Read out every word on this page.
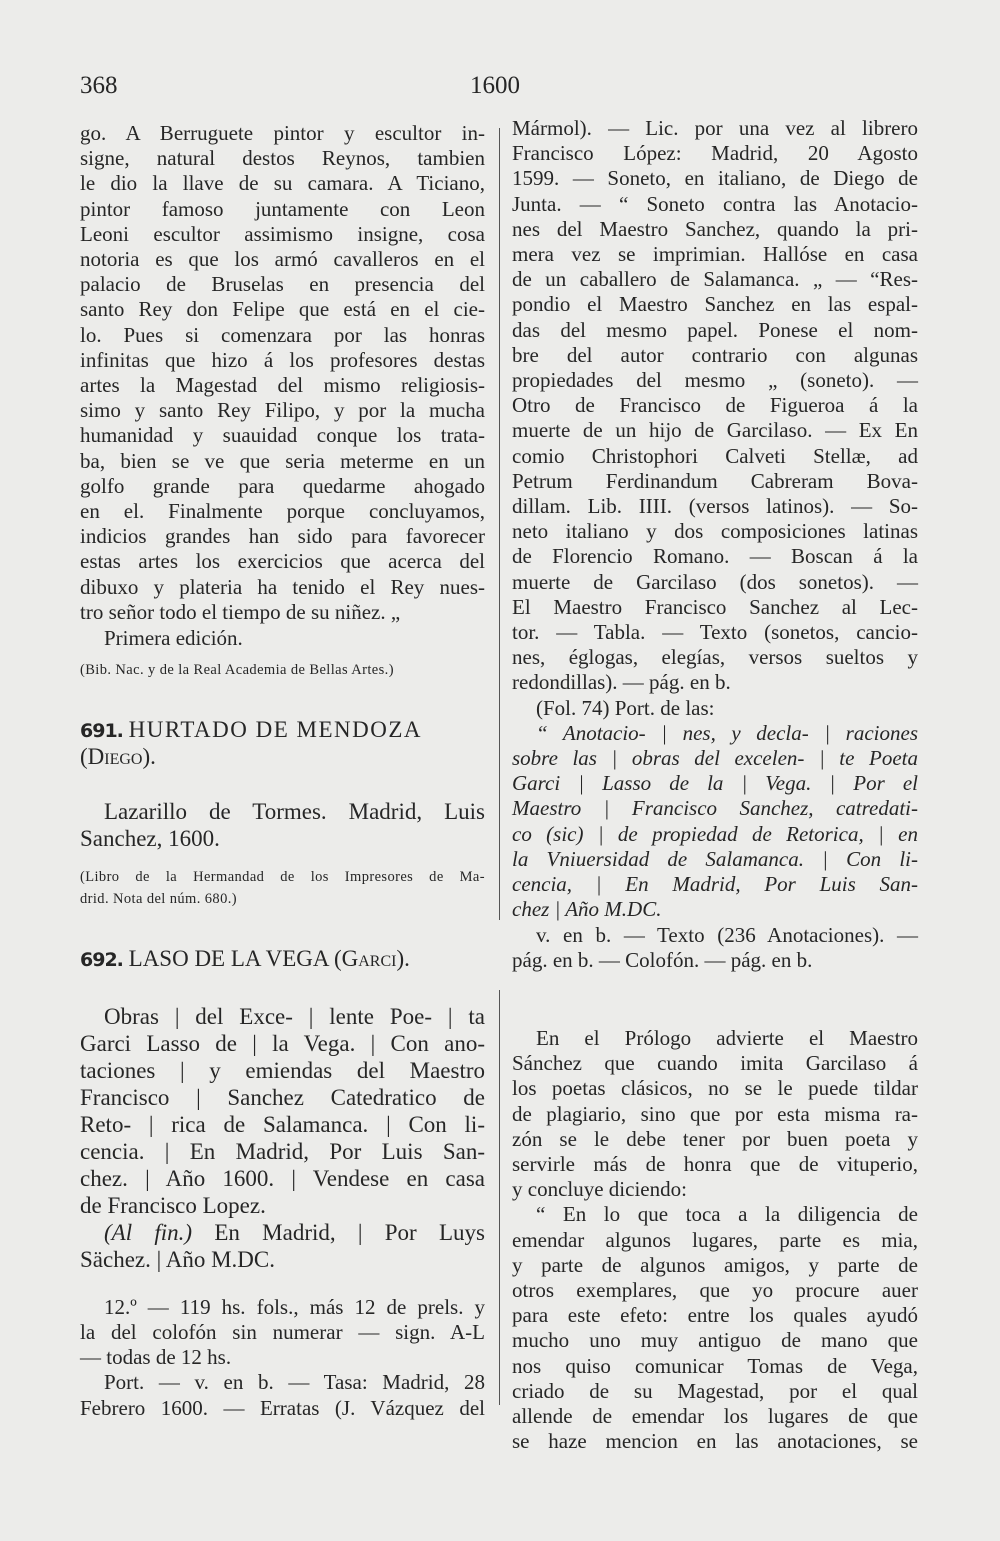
368	1600
go. A Berruguete pintor y escultor in-
signe, natural destos Reynos, tambien
le dio la llave de su camara. A Ticiano,
pintor famoso juntamente con Leon
Leoni escultor assimismo insigne, cosa
notoria es que los armó cavalleros en el
palacio de Bruselas en presencia del
santo Rey don Felipe que está en el cie-
lo. Pues si comenzara por las honras
infinitas que hizo á los profesores destas
artes la Magestad del mismo religiosis-
simo y santo Rey Filipo, y por la mucha
humanidad y suauidad conque los trata-
ba, bien se ve que seria meterme en un
golfo grande para quedarme ahogado
en el. Finalmente porque concluyamos,
indicios grandes han sido para favorecer
estas artes los exercicios que acerca del
dibuxo y plateria ha tenido el Rey nues-
tro señor todo el tiempo de su niñez. „
Primera edición.
(Bib. Nac. y de la Real Academia de Bellas Artes.)
691. HURTADO DE MENDOZA
(Diego).
Lazarillo de Tormes. Madrid, Luis
Sanchez, 1600.
(Libro de la Hermandad de los Impresores de Ma-
drid. Nota del núm. 680.)
692. LASO DE LA VEGA (Garci).
Obras | del Exce- | lente Poe- | ta
Garci Lasso de | la Vega. | Con ano-
taciones | y emiendas del Maestro
Francisco | Sanchez Catedratico de
Reto- | rica de Salamanca. | Con li-
cencia. | En Madrid, Por Luis San-
chez. | Año 1600. | Vendese en casa
de Francisco Lopez.
(Al fin.) En Madrid, | Por Luys
Sächez. | Año M.DC.
12.º — 119 hs. fols., más 12 de prels. y
la del colofón sin numerar — sign. A-L
— todas de 12 hs.
Port. — v. en b. — Tasa: Madrid, 28
Febrero 1600. — Erratas (J. Vázquez del
Mármol). — Lic. por una vez al librero
Francisco López: Madrid, 20 Agosto
1599. — Soneto, en italiano, de Diego de
Junta. — “ Soneto contra las Anotacio-
nes del Maestro Sanchez, quando la pri-
mera vez se imprimian. Hallóse en casa
de un caballero de Salamanca. „ — “Res-
pondio el Maestro Sanchez en las espal-
das del mesmo papel. Ponese el nom-
bre del autor contrario con algunas
propiedades del mesmo „ (soneto). —
Otro de Francisco de Figueroa á la
muerte de un hijo de Garcilaso. — Ex En
comio Christophori Calveti Stellæ, ad
Petrum Ferdinandum Cabreram Bova-
dillam. Lib. IIII. (versos latinos). — So-
neto italiano y dos composiciones latinas
de Florencio Romano. — Boscan á la
muerte de Garcilaso (dos sonetos). —
El Maestro Francisco Sanchez al Lec-
tor. — Tabla. — Texto (sonetos, cancio-
nes, églogas, elegías, versos sueltos y
redondillas). — pág. en b.
(Fol. 74) Port. de las:
“ Anotacio- | nes, y decla- | raciones
sobre las | obras del excelen- | te Poeta
Garci | Lasso de la | Vega. | Por el
Maestro | Francisco Sanchez, catredati-
co (sic) | de propiedad de Retorica, | en
la Vniuersidad de Salamanca. | Con li-
cencia, | En Madrid, Por Luis San-
chez | Año M.DC.
v. en b. — Texto (236 Anotaciones). —
pág. en b. — Colofón. — pág. en b.
En el Prólogo advierte el Maestro
Sánchez que cuando imita Garcilaso á
los poetas clásicos, no se le puede tildar
de plagiario, sino que por esta misma ra-
zón se le debe tener por buen poeta y
servirle más de honra que de vituperio,
y concluye diciendo:
“ En lo que toca a la diligencia de
emendar algunos lugares, parte es mia,
y parte de algunos amigos, y parte de
otros exemplares, que yo procure auer
para este efeto: entre los quales ayudó
mucho uno muy antiguo de mano que
nos quiso comunicar Tomas de Vega,
criado de su Magestad, por el qual
allende de emendar los lugares de que
se haze mencion en las anotaciones, se
